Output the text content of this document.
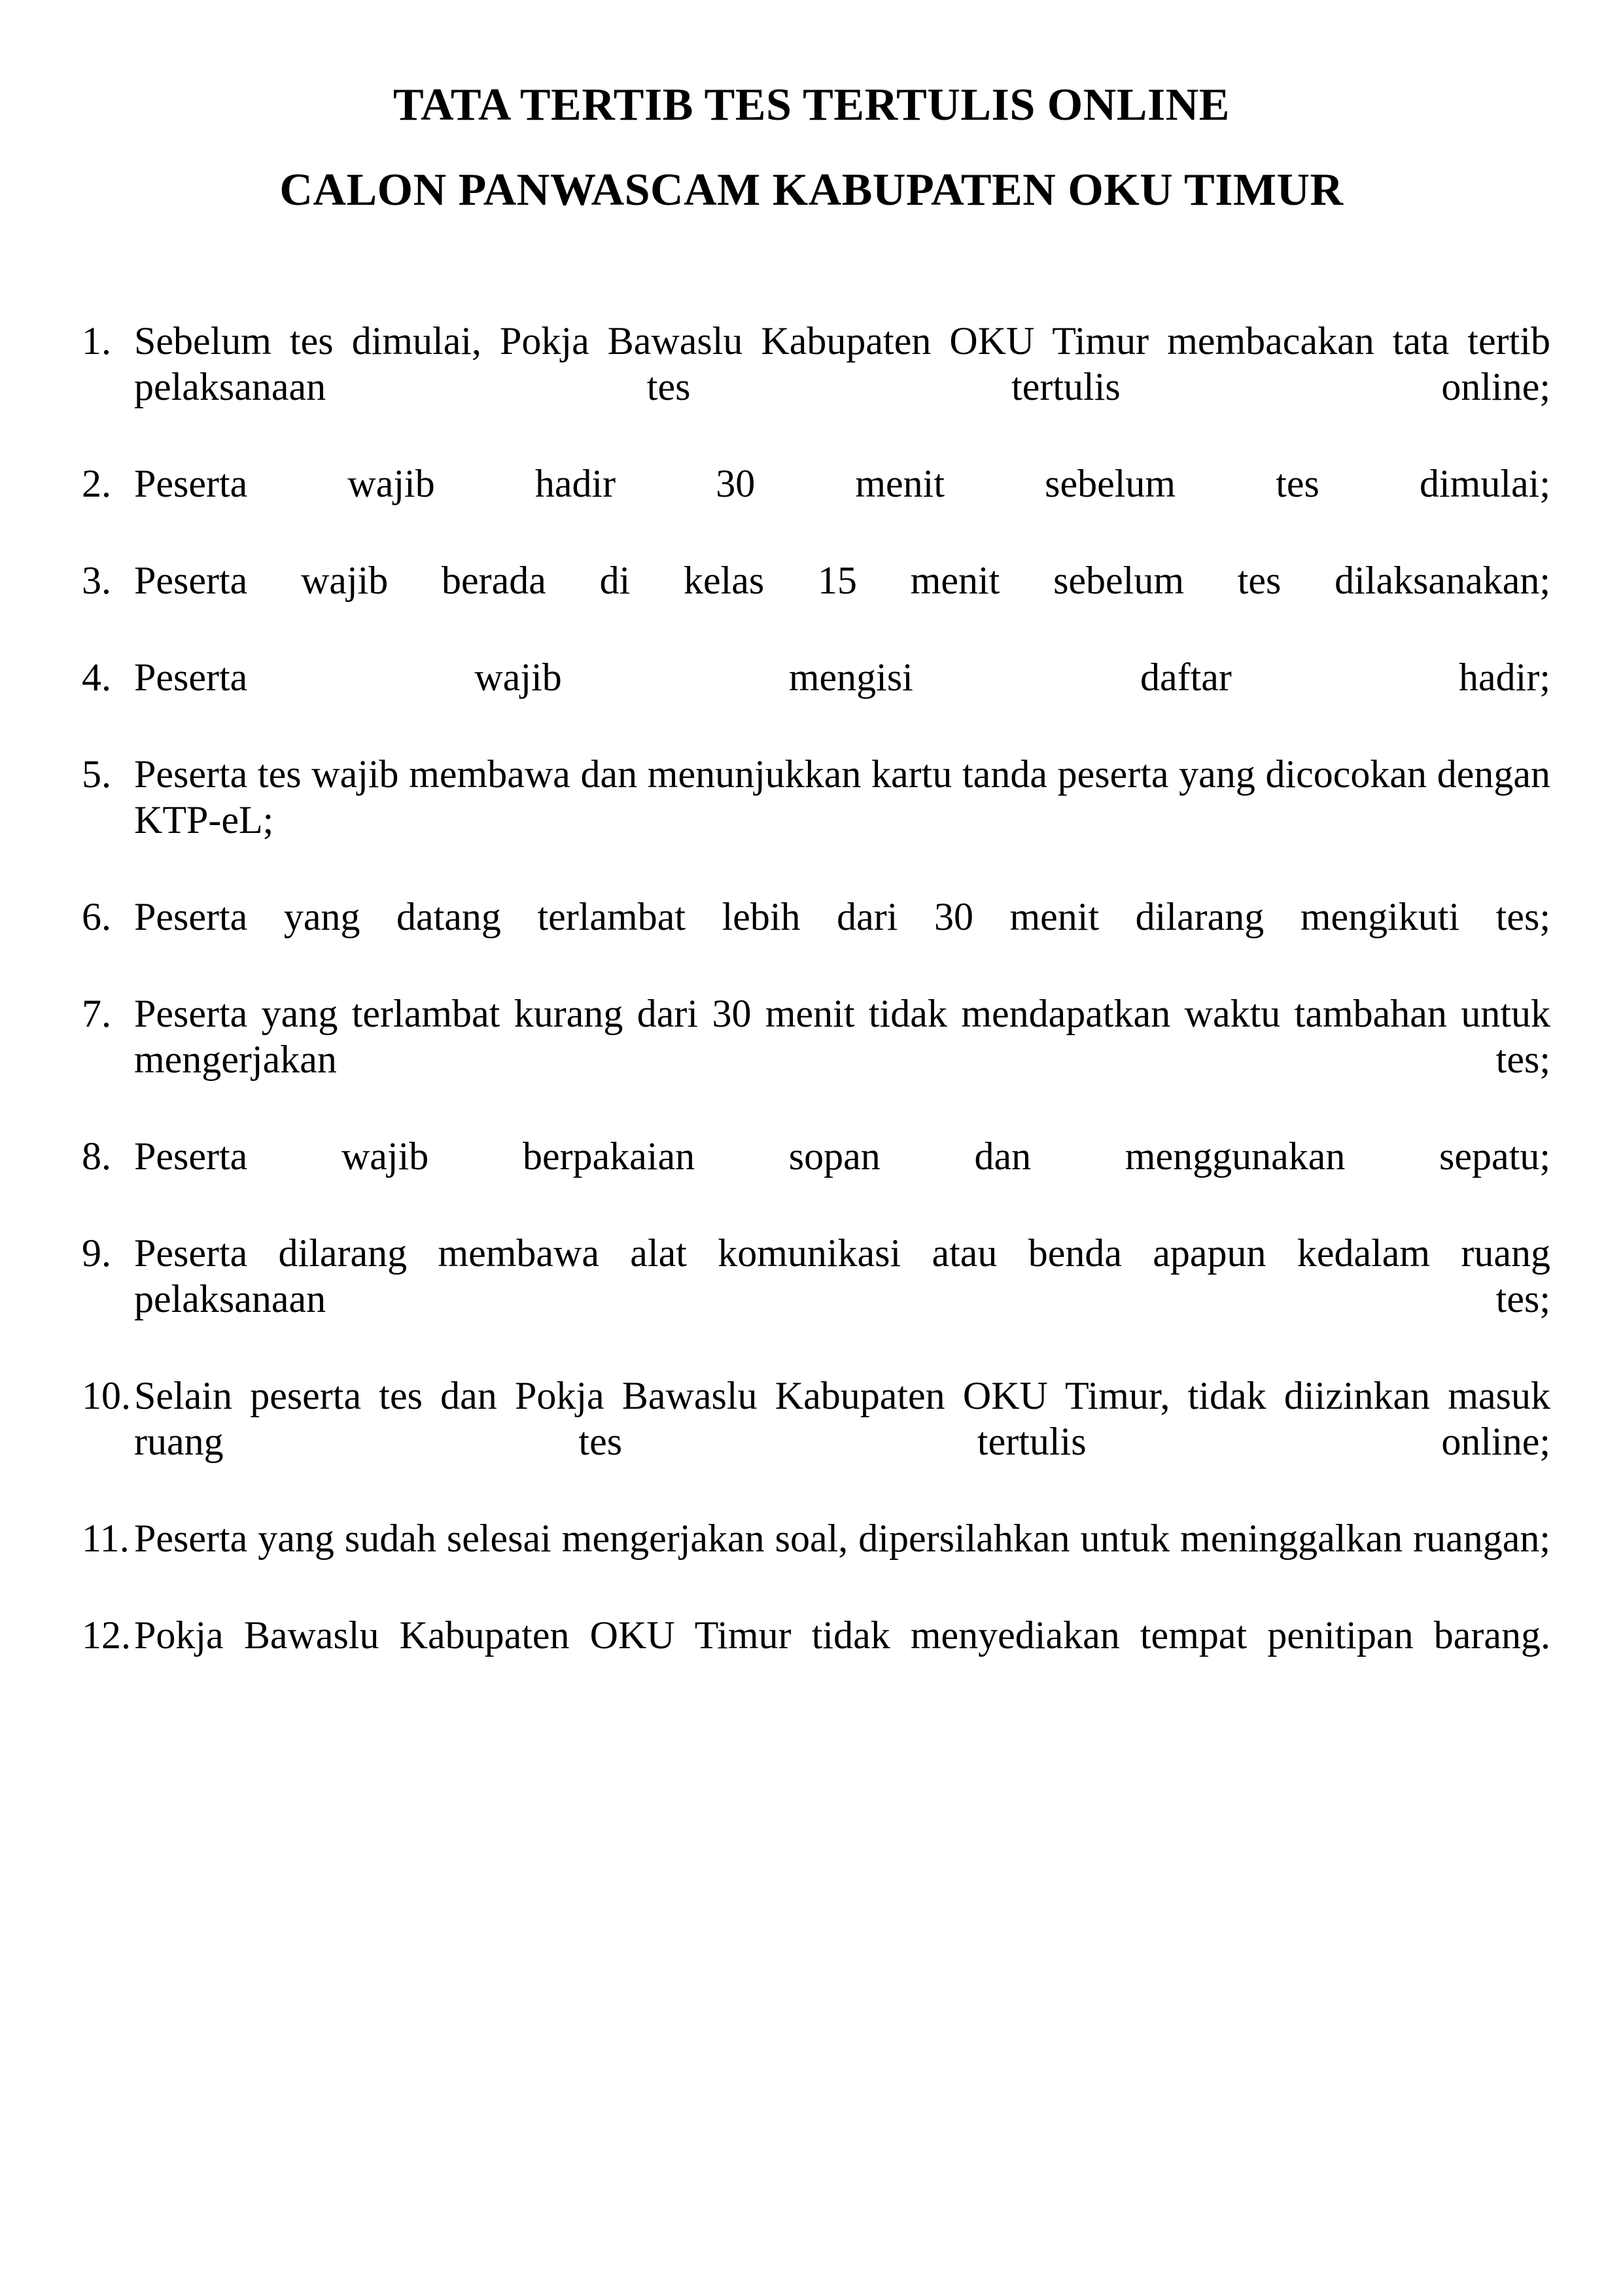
TATA TERTIB TES TERTULIS ONLINE
CALON PANWASCAM KABUPATEN OKU TIMUR
1. Sebelum tes dimulai, Pokja Bawaslu Kabupaten OKU Timur membacakan tata tertib pelaksanaan tes tertulis online;
2. Peserta wajib hadir 30 menit sebelum tes dimulai;
3. Peserta wajib berada di kelas 15 menit sebelum tes dilaksanakan;
4. Peserta wajib mengisi daftar hadir;
5. Peserta tes wajib membawa dan menunjukkan kartu tanda peserta yang dicocokan dengan KTP-eL;
6. Peserta yang datang terlambat lebih dari 30 menit dilarang mengikuti tes;
7. Peserta yang terlambat kurang dari 30 menit tidak mendapatkan waktu tambahan untuk mengerjakan tes;
8. Peserta wajib berpakaian sopan dan menggunakan sepatu;
9. Peserta dilarang membawa alat komunikasi atau benda apapun kedalam ruang pelaksanaan tes;
10. Selain peserta tes dan Pokja Bawaslu Kabupaten OKU Timur, tidak diizinkan masuk ruang tes tertulis online;
11. Peserta yang sudah selesai mengerjakan soal, dipersilahkan untuk meninggalkan ruangan;
12. Pokja Bawaslu Kabupaten OKU Timur tidak menyediakan tempat penitipan barang.
